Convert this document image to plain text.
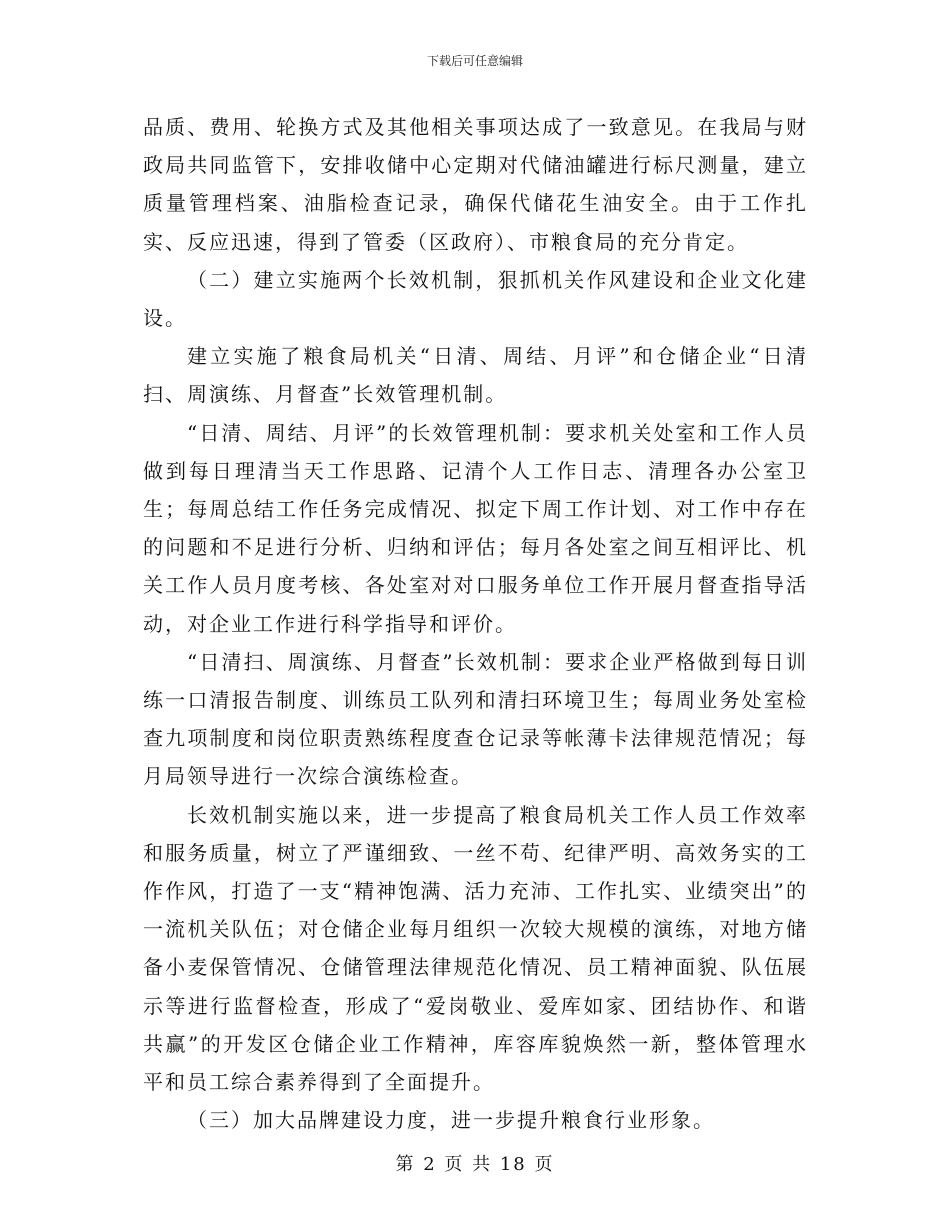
下载后可任意编辑

品质、费用、轮换方式及其他相关事项达成了一致意见。在我局与财政局共同监管下，安排收储中心定期对代储油罐进行标尺测量，建立质量管理档案、油脂检查记录，确保代储花生油安全。由于工作扎实、反应迅速，得到了管委（区政府）、市粮食局的充分肯定。

（二）建立实施两个长效机制，狠抓机关作风建设和企业文化建设。

建立实施了粮食局机关“日清、周结、月评”和仓储企业“日清扫、周演练、月督查”长效管理机制。

“日清、周结、月评”的长效管理机制：要求机关处室和工作人员做到每日理清当天工作思路、记清个人工作日志、清理各办公室卫生；每周总结工作任务完成情况、拟定下周工作计划、对工作中存在的问题和不足进行分析、归纳和评估；每月各处室之间互相评比、机关工作人员月度考核、各处室对对口服务单位工作开展月督查指导活动，对企业工作进行科学指导和评价。

“日清扫、周演练、月督查”长效机制：要求企业严格做到每日训练一口清报告制度、训练员工队列和清扫环境卫生；每周业务处室检查九项制度和岗位职责熟练程度查仓记录等帐薄卡法律规范情况；每月局领导进行一次综合演练检查。

长效机制实施以来，进一步提高了粮食局机关工作人员工作效率和服务质量，树立了严谨细致、一丝不苟、纪律严明、高效务实的工作作风，打造了一支“精神饱满、活力充沛、工作扎实、业绩突出”的一流机关队伍；对仓储企业每月组织一次较大规模的演练，对地方储备小麦保管情况、仓储管理法律规范化情况、员工精神面貌、队伍展示等进行监督检查，形成了“爱岗敬业、爱库如家、团结协作、和谐共赢”的开发区仓储企业工作精神，库容库貌焕然一新，整体管理水平和员工综合素养得到了全面提升。

（三）加大品牌建设力度，进一步提升粮食行业形象。

第 2 页 共 18 页
